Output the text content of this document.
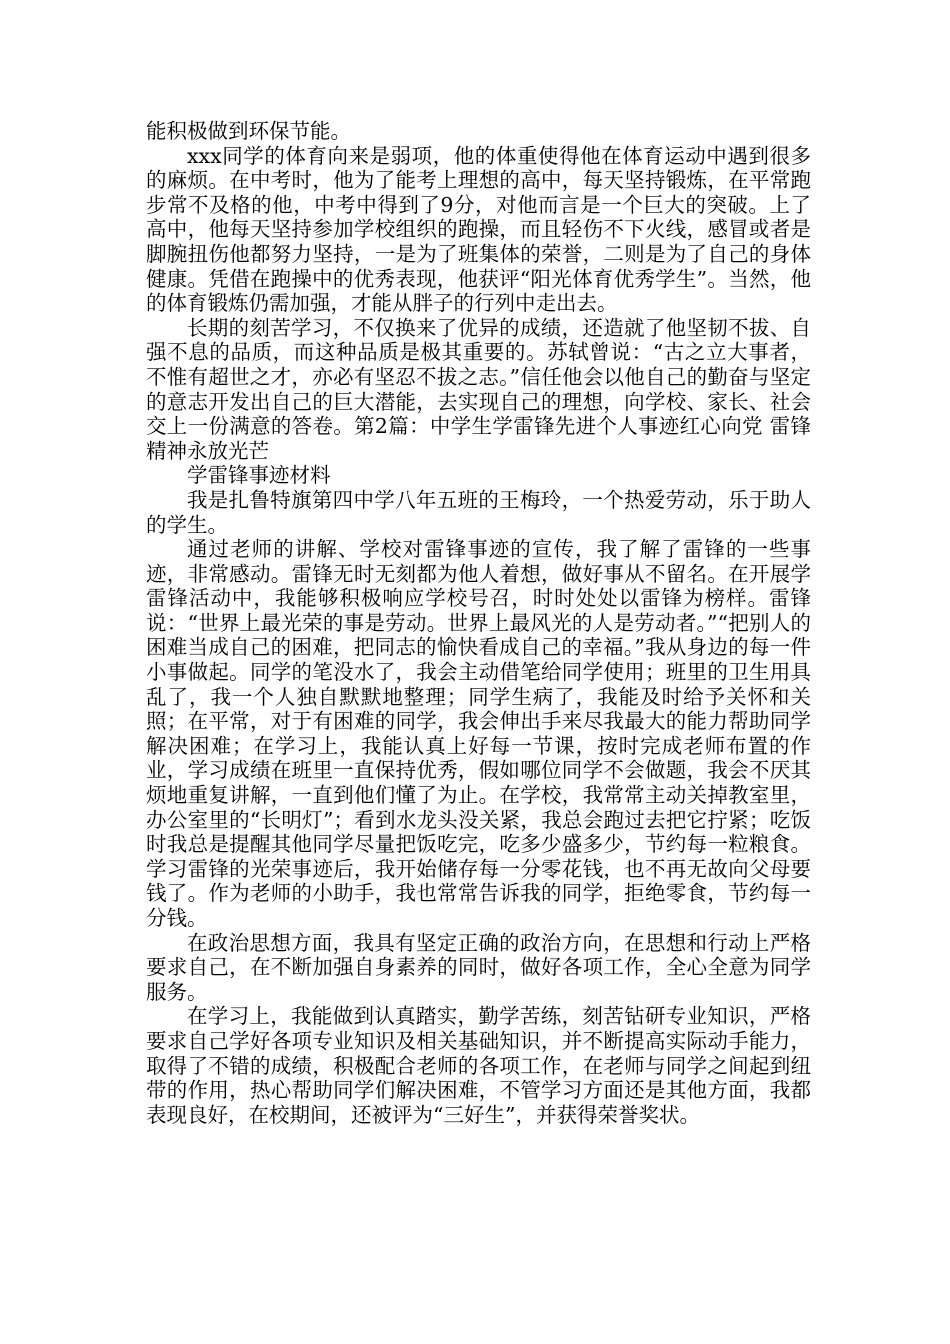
能积极做到环保节能。

xxx同学的体育向来是弱项，他的体重使得他在体育运动中遇到很多的麻烦。在中考时，他为了能考上理想的高中，每天坚持锻炼，在平常跑步常不及格的他，中考中得到了9分，对他而言是一个巨大的突破。上了高中，他每天坚持参加学校组织的跑操，而且轻伤不下火线，感冒或者是脚腕扭伤他都努力坚持，一是为了班集体的荣誉，二则是为了自己的身体健康。凭借在跑操中的优秀表现，他获评“阳光体育优秀学生”。当然，他的体育锻炼仍需加强，才能从胖子的行列中走出去。

长期的刻苦学习，不仅换来了优异的成绩，还造就了他坚韧不拔、自强不息的品质，而这种品质是极其重要的。苏轼曾说：“古之立大事者，不惟有超世之才，亦必有坚忍不拔之志。”信任他会以他自己的勤奋与坚定的意志开发出自己的巨大潜能，去实现自己的理想，向学校、家长、社会交上一份满意的答卷。第2篇：中学生学雷锋先进个人事迹红心向党 雷锋精神永放光芒

学雷锋事迹材料

我是扎鲁特旗第四中学八年五班的王梅玲，一个热爱劳动，乐于助人的学生。

通过老师的讲解、学校对雷锋事迹的宣传，我了解了雷锋的一些事迹，非常感动。雷锋无时无刻都为他人着想，做好事从不留名。在开展学雷锋活动中，我能够积极响应学校号召，时时处处以雷锋为榜样。雷锋说：“世界上最光荣的事是劳动。世界上最风光的人是劳动者。”“把别人的困难当成自己的困难，把同志的愉快看成自己的幸福。”我从身边的每一件小事做起。同学的笔没水了，我会主动借笔给同学使用；班里的卫生用具乱了，我一个人独自默默地整理；同学生病了，我能及时给予关怀和关照；在平常，对于有困难的同学，我会伸出手来尽我最大的能力帮助同学解决困难；在学习上，我能认真上好每一节课，按时完成老师布置的作业，学习成绩在班里一直保持优秀，假如哪位同学不会做题，我会不厌其烦地重复讲解，一直到他们懂了为止。在学校，我常常主动关掉教室里，办公室里的“长明灯”；看到水龙头没关紧，我总会跑过去把它拧紧；吃饭时我总是提醒其他同学尽量把饭吃完，吃多少盛多少，节约每一粒粮食。学习雷锋的光荣事迹后，我开始储存每一分零花钱，也不再无故向父母要钱了。作为老师的小助手，我也常常告诉我的同学，拒绝零食，节约每一分钱。

在政治思想方面，我具有坚定正确的政治方向，在思想和行动上严格要求自己，在不断加强自身素养的同时，做好各项工作，全心全意为同学服务。

在学习上，我能做到认真踏实，勤学苦练，刻苦钻研专业知识，严格要求自己学好各项专业知识及相关基础知识，并不断提高实际动手能力，取得了不错的成绩，积极配合老师的各项工作，在老师与同学之间起到纽带的作用，热心帮助同学们解决困难，不管学习方面还是其他方面，我都表现良好，在校期间，还被评为“三好生”，并获得荣誉奖状。
